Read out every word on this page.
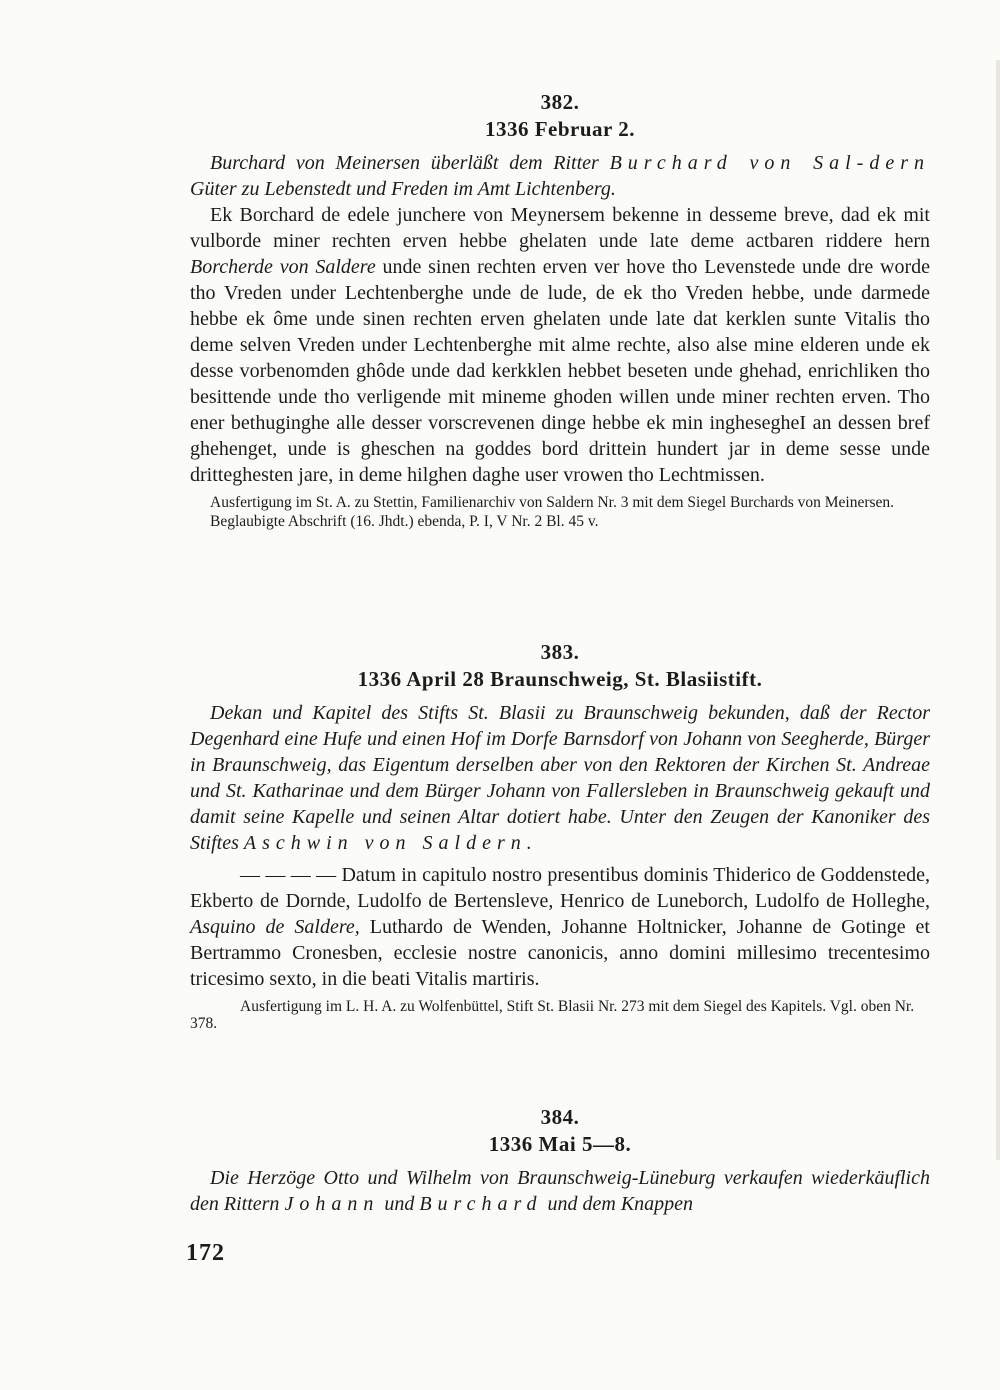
382.
1336 Februar 2.

Burchard von Meinersen überläßt dem Ritter Burchard von Sal-dern Güter zu Lebenstedt und Freden im Amt Lichtenberg.

Ek Borchard de edele junchere von Meynersem bekenne in desseme breve, dad ek mit vulborde miner rechten erven hebbe ghelaten unde late deme actbaren riddere hern Borcherde von Saldere unde sinen rechten erven ver hove tho Levenstede unde dre worde tho Vreden under Lechtenberghe unde de lude, de ek tho Vreden hebbe, unde darmede hebbe ek ôme unde sinen rechten erven ghelaten unde late dat kerklen sunte Vitalis tho deme selven Vreden under Lechtenberghe mit alme rechte, also alse mine elderen unde ek desse vorbenomden ghôde unde dad kerkklen hebbet beseten unde ghehad, enrichliken tho besittende unde tho verligende mit mineme ghoden willen unde miner rechten erven. Tho ener bethuginghe alle desser vorscrevenen dinge hebbe ek min inghesegheI an dessen bref ghehenget, unde is gheschen na goddes bord drittein hundert jar in deme sesse unde dritteghesten jare, in deme hilghen daghe user vrowen tho Lechtmissen.

Ausfertigung im St. A. zu Stettin, Familienarchiv von Saldern Nr. 3 mit dem Siegel Burchards von Meinersen.

Beglaubigte Abschrift (16. Jhdt.) ebenda, P. I, V Nr. 2 Bl. 45 v.

383.
1336 April 28 Braunschweig, St. Blasiistift.

Dekan und Kapitel des Stifts St. Blasii zu Braunschweig bekunden, daß der Rector Degenhard eine Hufe und einen Hof im Dorfe Barnsdorf von Johann von Seegherde, Bürger in Braunschweig, das Eigentum derselben aber von den Rektoren der Kirchen St. Andreae und St. Katharinae und dem Bürger Johann von Fallersleben in Braunschweig gekauft und damit seine Kapelle und seinen Altar dotiert habe. Unter den Zeugen der Kanoniker des Stiftes Aschwin von Saldern.

— — — — Datum in capitulo nostro presentibus dominis Thiderico de Goddenstede, Ekberto de Dornde, Ludolfo de Bertensleve, Henrico de Luneborch, Ludolfo de Holleghe, Asquino de Saldere, Luthardo de Wenden, Johanne Holtnicker, Johanne de Gotinge et Bertrammo Cronesben, ecclesie nostre canonicis, anno domini millesimo trecentesimo tricesimo sexto, in die beati Vitalis martiris.

Ausfertigung im L. H. A. zu Wolfenbüttel, Stift St. Blasii Nr. 273 mit dem Siegel des Kapitels. Vgl. oben Nr. 378.

384.
1336 Mai 5—8.

Die Herzöge Otto und Wilhelm von Braunschweig-Lüneburg verkaufen wiederkäuflich den Rittern Johann und Burchard und dem Knappen

172
